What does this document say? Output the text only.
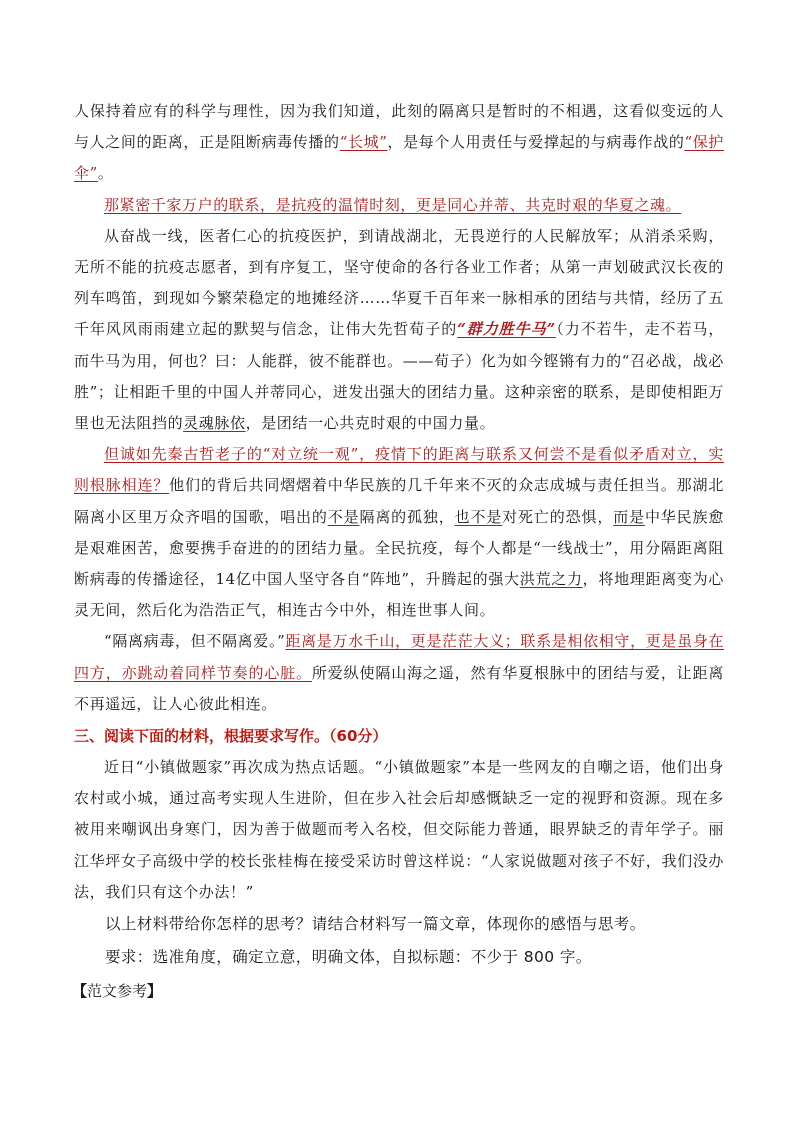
人保持着应有的科学与理性，因为我们知道，此刻的隔离只是暂时的不相遇，这看似变远的人与人之间的距离，正是阻断病毒传播的“长城”，是每个人用责任与爱撑起的与病毒作战的“保护伞”。

那紧密千家万户的联系，是抗疫的温情时刻，更是同心并蒂、共克时艰的华夏之魂。

从奋战一线，医者仁心的抗疫医护，到请战湖北，无畏逆行的人民解放军；从消杀采购，无所不能的抗疫志愿者，到有序复工，坚守使命的各行各业工作者；从第一声划破武汉长夜的列车鸣笛，到现如今繁荣稳定的地摊经济……华夏千百年来一脉相承的团结与共情，经历了五千年风风雨雨建立起的默契与信念，让伟大先哲荀子的“群力胜牛马”（力不若牛，走不若马，而牛马为用，何也？曰：人能群，彼不能群也。——荀子）化为如今铿锵有力的“召必战，战必胜”；让相距千里的中国人并蒂同心，迸发出强大的团结力量。这种亲密的联系，是即使相距万里也无法阻挡的灵魂脉依，是团结一心共克时艰的中国力量。

但诚如先秦古哲老子的“对立统一观”，疫情下的距离与联系又何尝不是看似矛盾对立，实则根脉相连？他们的背后共同熠熠着中华民族的几千年来不灭的众志成城与责任担当。那湖北隔离小区里万众齐唱的国歌，唱出的不是隔离的孤独，也不是对死亡的恐惧，而是中华民族愈是艰难困苦，愈要携手奋进的的团结力量。全民抗疫，每个人都是“一线战士”，用分隔距离阻断病毒的传播途径，14亿中国人坚守各自“阵地”，升腾起的强大洪荒之力，将地理距离变为心灵无间，然后化为浩浩正气，相连古今中外，相连世事人间。

“隔离病毒，但不隔离爱。”距离是万水千山，更是茫茫大义；联系是相依相守，更是虽身在四方，亦跳动着同样节奏的心脏。所爱纵使隔山海之遥，然有华夏根脉中的团结与爱，让距离不再遥远，让人心彼此相连。

三、阅读下面的材料，根据要求写作。（60分）

近日“小镇做题家”再次成为热点话题。“小镇做题家”本是一些网友的自嘲之语，他们出身农村或小城，通过高考实现人生进阶，但在步入社会后却感慨缺乏一定的视野和资源。现在多被用来嘲讽出身寒门，因为善于做题而考入名校，但交际能力普通，眼界缺乏的青年学子。丽江华坪女子高级中学的校长张桂梅在接受采访时曾这样说：“人家说做题对孩子不好，我们没办法，我们只有这个办法！”

以上材料带给你怎样的思考？请结合材料写一篇文章，体现你的感悟与思考。

要求：选准角度，确定立意，明确文体，自拟标题：不少于 800 字。

【范文参考】
